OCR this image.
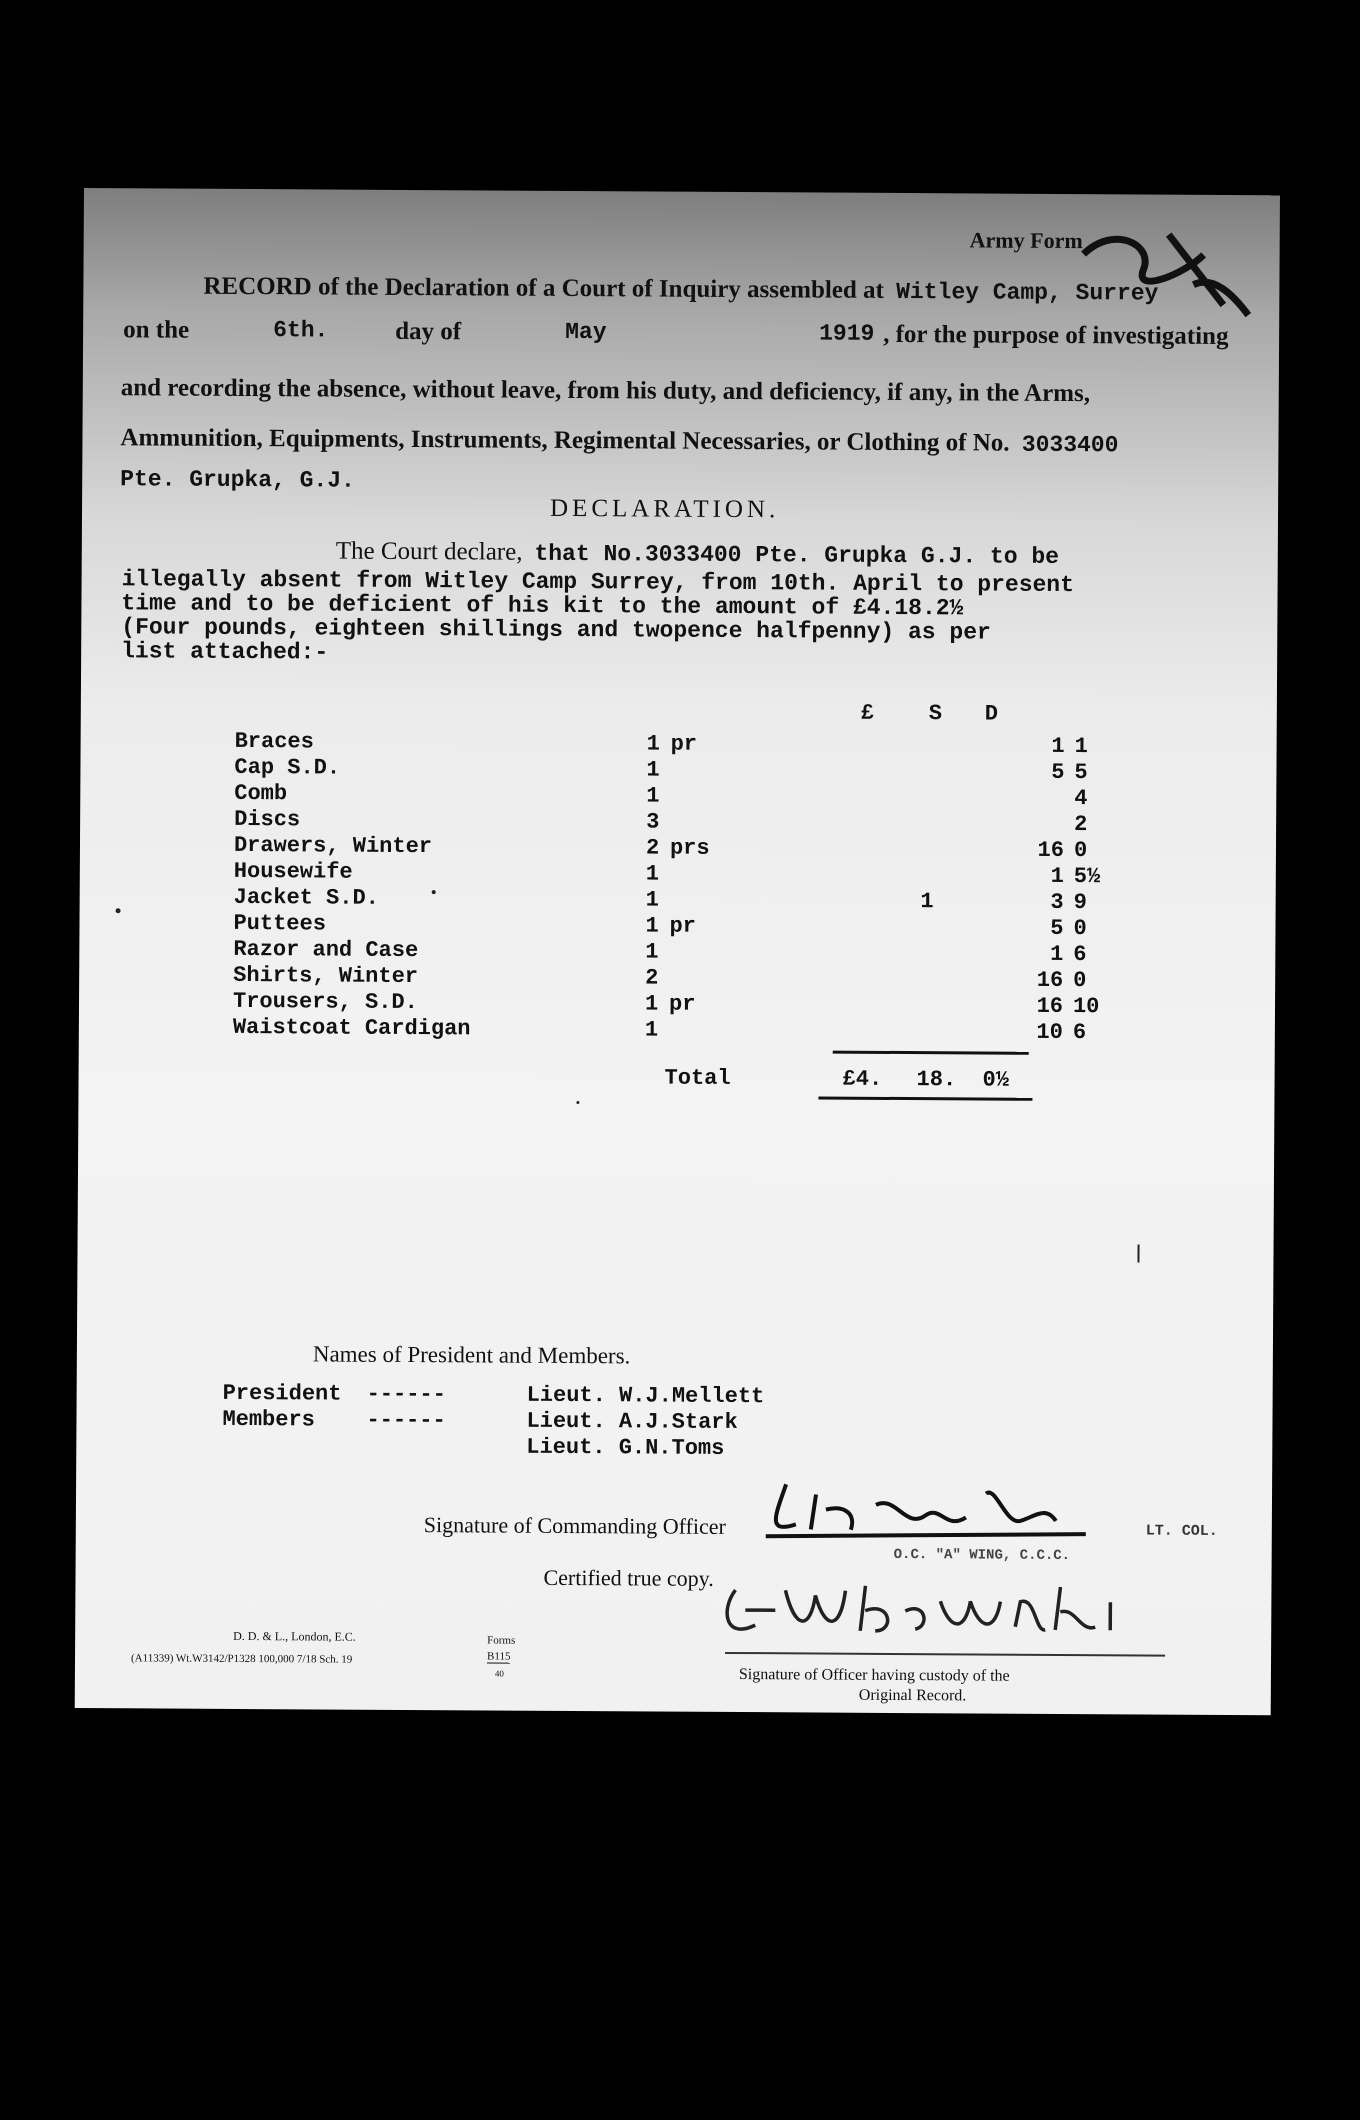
Army Form
RECORD of the Declaration of a Court of Inquiry assembled at Witley Camp, Surrey
on the	6th.	day of	May	1919 , for the purpose of investigating
and recording the absence, without leave, from his duty, and deficiency, if any, in the Arms,
Ammunition, Equipments, Instruments, Regimental Necessaries, or Clothing of No. 3033400
Pte. Grupka, G.J.
DECLARATION.
The Court declare, that No.3033400 Pte. Grupka G.J. to be
illegally absent from Witley Camp Surrey, from 10th. April to present
time and to be deficient of his kit to the amount of £4.18.2½
(Four pounds, eighteen shillings and twopence halfpenny) as per
list attached:-
£ S D
Braces	1 pr	1 1
Cap S.D.	1	5 5
Comb	1	4
Discs	3	2
Drawers, Winter	2 prs	16 0
Housewife	1	1 5½
Jacket S.D.	1	1	3 9
Puttees	1 pr	5 0
Razor and Case	1	1 6
Shirts, Winter	2	16 0
Trousers, S.D.	1 pr	16 10
Waistcoat Cardigan	1	10 6
Total	£4. 18. 0½
Names of President and Members.
President ------	Lieut. W.J.Mellett
Members ------	Lieut. A.J.Stark
Lieut. G.N.Toms
Signature of Commanding Officer	LT. COL.
O.C. "A" WING, C.C.C.
Certified true copy.
Signature of Officer having custody of the
Original Record.
D. D. & L., London, E.C.
(A11339) Wt.W3142/P1328 100,000 7/18 Sch. 19
Forms
B115
40
